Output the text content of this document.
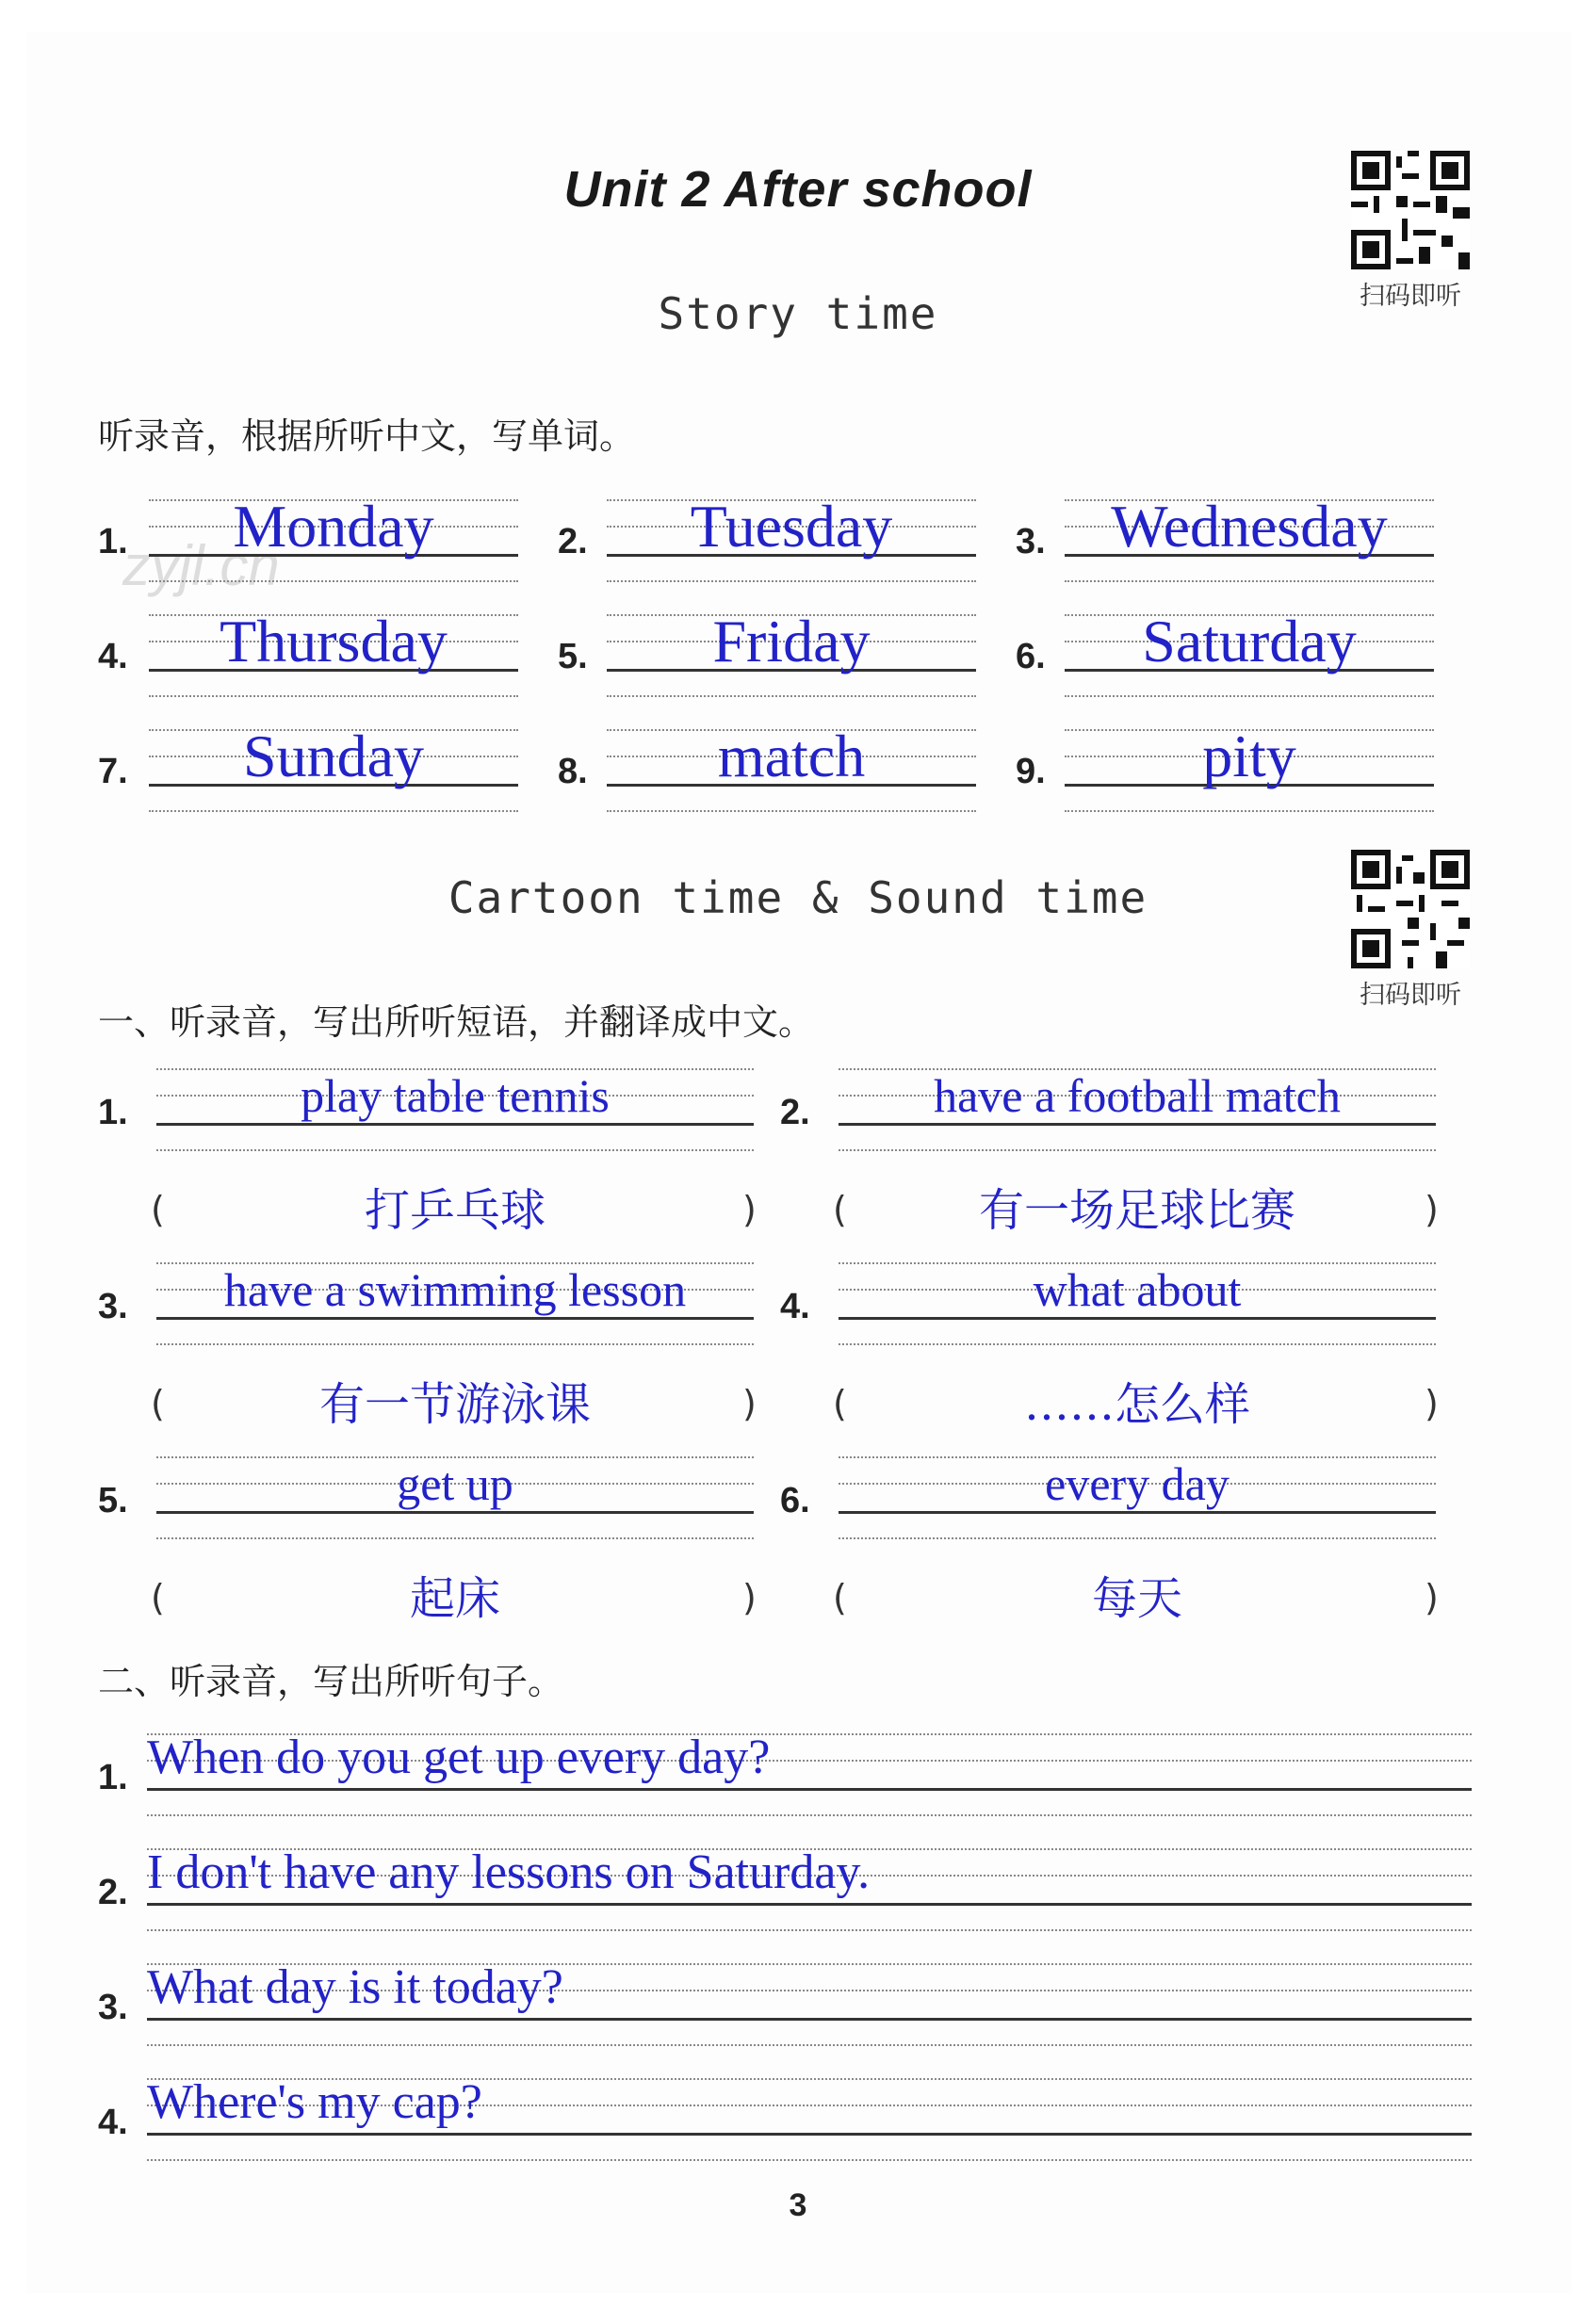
Unit 2 After school
扫码即听
Story time
听录音，根据所听中文，写单词。
zyjl.cn
1.	Monday	2.	Tuesday	3.	Wednesday
4.	Thursday	5.	Friday	6.	Saturday
7.	Sunday	8.	match	9.	pity
扫码即听
Cartoon time & Sound time
一、听录音，写出所听短语，并翻译成中文。
1.	play table tennis
(	打乒乓球	)
2.	have a football match
(	有一场足球比赛	)
3.	have a swimming lesson
(	有一节游泳课	)
4.	what about
(	……怎么样	)
5.	get up
(	起床	)
6.	every day
(	每天	)
二、听录音，写出所听句子。
1. When do you get up every day?
2. I don't have any lessons on Saturday.
3. What day is it today?
4. Where's my cap?
3
